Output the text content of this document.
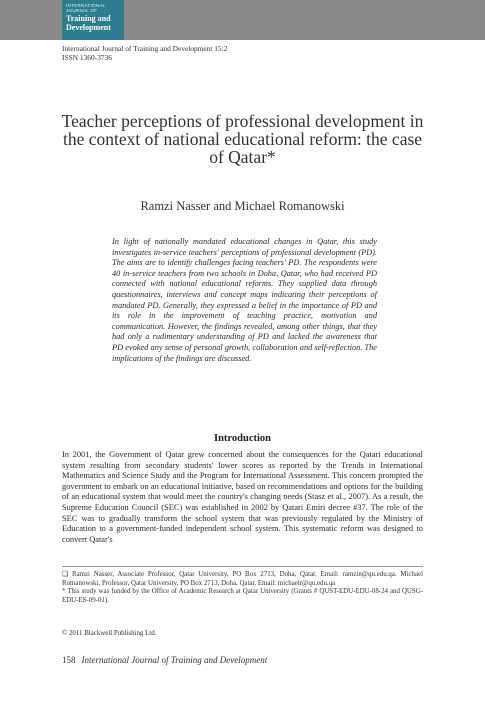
INTERNATIONAL
JOURNAL OF
Training and
Development
International Journal of Training and Development 15:2
ISSN 1360-3736
Teacher perceptions of professional development in the context of national educational reform: the case of Qatar*
Ramzi Nasser and Michael Romanowski
In light of nationally mandated educational changes in Qatar, this study investigates in-service teachers' perceptions of professional development (PD). The aims are to identify challenges facing teachers' PD. The respondents were 40 in-service teachers from two schools in Doha, Qatar, who had received PD connected with national educational reforms. They supplied data through questionnaires, interviews and concept maps indicating their perceptions of mandated PD. Generally, they expressed a belief in the importance of PD and its role in the improvement of teaching practice, motivation and communication. However, the findings revealed, among other things, that they had only a rudimentary understanding of PD and lacked the awareness that PD evoked any sense of personal growth, collaboration and self-reflection. The implications of the findings are discussed.
Introduction
In 2001, the Government of Qatar grew concerned about the consequences for the Qatari educational system resulting from secondary students' lower scores as reported by the Trends in International Mathematics and Science Study and the Program for International Assessment. This concern prompted the government to embark on an educational initiative, based on recommendations and options for the building of an educational system that would meet the country's changing needs (Stasz et al., 2007). As a result, the Supreme Education Council (SEC) was established in 2002 by Qatari Emiri decree #37. The role of the SEC was to gradually transform the school system that was previously regulated by the Ministry of Education to a government-funded independent school system. This systematic reform was designed to convert Qatar's

❏ Ramzi Nasser, Associate Professor, Qatar University, PO Box 2713, Doha, Qatar. Email: ramzin@qu.edu.qa. Michael Romanowski, Professor, Qatar University, PO Box 2713, Doha, Qatar. Email: michaelr@qu.edu.qa

* This study was funded by the Office of Academic Research at Qatar University (Grants # QUST-EDU-EDU-08-24 and QUSG-EDU-ES-09-01).

© 2011 Blackwell Publishing Ltd.
158 International Journal of Training and Development
